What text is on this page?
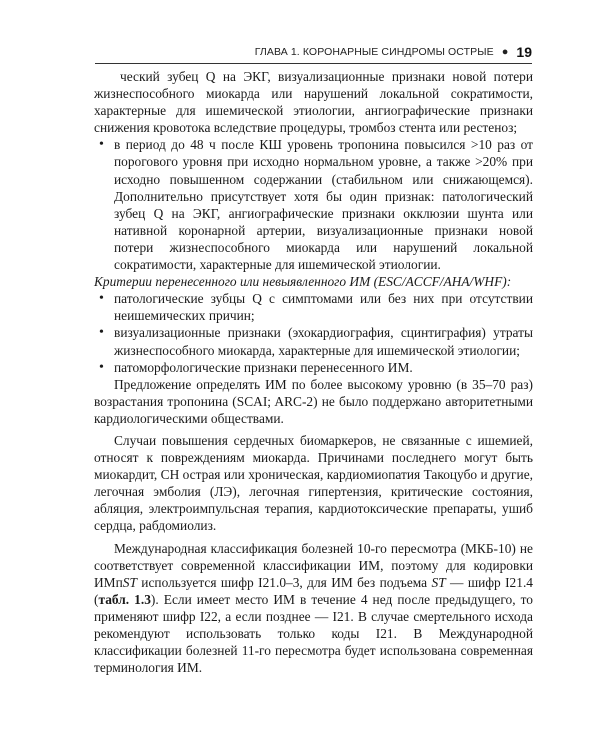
ГЛАВА 1. КОРОНАРНЫЕ СИНДРОМЫ ОСТРЫЕ ● 19

ческий зубец Q на ЭКГ, визуализационные признаки новой потери жизнеспособного миокарда или нарушений локальной сократимости, характерные для ишемической этиологии, ангиографические признаки снижения кровотока вследствие процедуры, тромбоз стента или рестеноз;

• в период до 48 ч после КШ уровень тропонина повысился >10 раз от порогового уровня при исходно нормальном уровне, а также >20% при исходно повышенном содержании (стабильном или снижающемся). Дополнительно присутствует хотя бы один признак: патологический зубец Q на ЭКГ, ангиографические признаки окклюзии шунта или нативной коронарной артерии, визуализационные признаки новой потери жизнеспособного миокарда или нарушений локальной сократимости, характерные для ишемической этиологии.

Критерии перенесенного или невыявленного ИМ (ESC/ACCF/AHA/WHF):

• патологические зубцы Q с симптомами или без них при отсутствии неишемических причин;
• визуализационные признаки (эхокардиография, сцинтиграфия) утраты жизнеспособного миокарда, характерные для ишемической этиологии;
• патоморфологические признаки перенесенного ИМ.

Предложение определять ИМ по более высокому уровню (в 35–70 раз) возрастания тропонина (SCAI; ARC-2) не было поддержано авторитетными кардиологическими обществами.

Случаи повышения сердечных биомаркеров, не связанные с ишемией, относят к повреждениям миокарда. Причинами последнего могут быть миокардит, СН острая или хроническая, кардиомиопатия Такоцубо и другие, легочная эмболия (ЛЭ), легочная гипертензия, критические состояния, абляция, электроимпульсная терапия, кардиотоксические препараты, ушиб сердца, рабдомиолиз.

Международная классификация болезней 10-го пересмотра (МКБ-10) не соответствует современной классификации ИМ, поэтому для кодировки ИМпST используется шифр I21.0–3, для ИМ без подъема ST — шифр I21.4 (табл. 1.3). Если имеет место ИМ в течение 4 нед после предыдущего, то применяют шифр I22, а если позднее — I21. В случае смертельного исхода рекомендуют использовать только коды I21. В Международной классификации болезней 11-го пересмотра будет использована современная терминология ИМ.
